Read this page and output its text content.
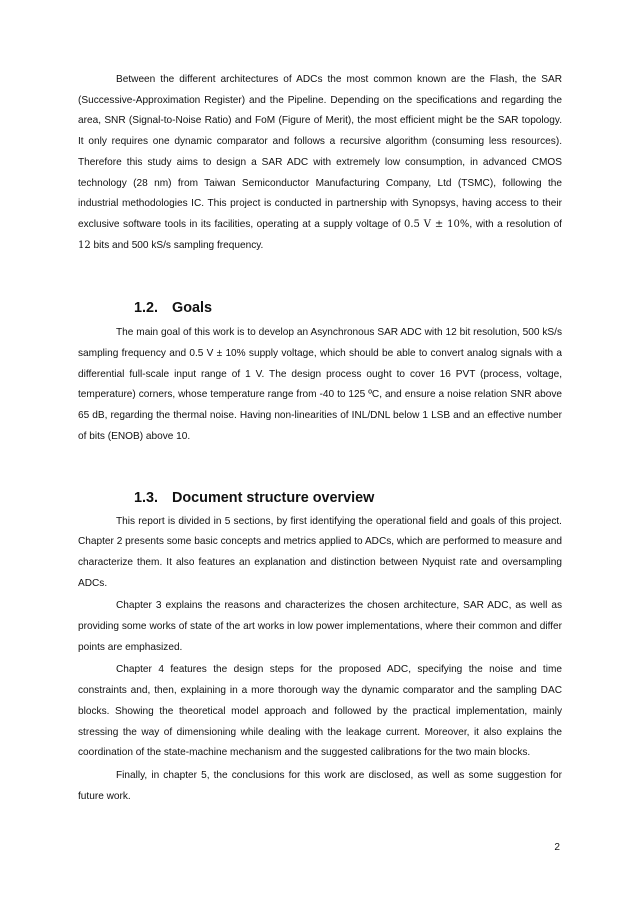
Between the different architectures of ADCs the most common known are the Flash, the SAR (Successive-Approximation Register) and the Pipeline. Depending on the specifications and regarding the area, SNR (Signal-to-Noise Ratio) and FoM (Figure of Merit), the most efficient might be the SAR topology. It only requires one dynamic comparator and follows a recursive algorithm (consuming less resources). Therefore this study aims to design a SAR ADC with extremely low consumption, in advanced CMOS technology (28 nm) from Taiwan Semiconductor Manufacturing Company, Ltd (TSMC), following the industrial methodologies IC. This project is conducted in partnership with Synopsys, having access to their exclusive software tools in its facilities, operating at a supply voltage of 0.5 V ± 10%, with a resolution of 12 bits and 500 kS/s sampling frequency.

1.2. Goals

The main goal of this work is to develop an Asynchronous SAR ADC with 12 bit resolution, 500 kS/s sampling frequency and 0.5 V ± 10% supply voltage, which should be able to convert analog signals with a differential full-scale input range of 1 V. The design process ought to cover 16 PVT (process, voltage, temperature) corners, whose temperature range from -40 to 125 ºC, and ensure a noise relation SNR above 65 dB, regarding the thermal noise. Having non-linearities of INL/DNL below 1 LSB and an effective number of bits (ENOB) above 10.

1.3. Document structure overview

This report is divided in 5 sections, by first identifying the operational field and goals of this project. Chapter 2 presents some basic concepts and metrics applied to ADCs, which are performed to measure and characterize them. It also features an explanation and distinction between Nyquist rate and oversampling ADCs.

Chapter 3 explains the reasons and characterizes the chosen architecture, SAR ADC, as well as providing some works of state of the art works in low power implementations, where their common and differ points are emphasized.

Chapter 4 features the design steps for the proposed ADC, specifying the noise and time constraints and, then, explaining in a more thorough way the dynamic comparator and the sampling DAC blocks. Showing the theoretical model approach and followed by the practical implementation, mainly stressing the way of dimensioning while dealing with the leakage current. Moreover, it also explains the coordination of the state-machine mechanism and the suggested calibrations for the two main blocks.

Finally, in chapter 5, the conclusions for this work are disclosed, as well as some suggestion for future work.

2
